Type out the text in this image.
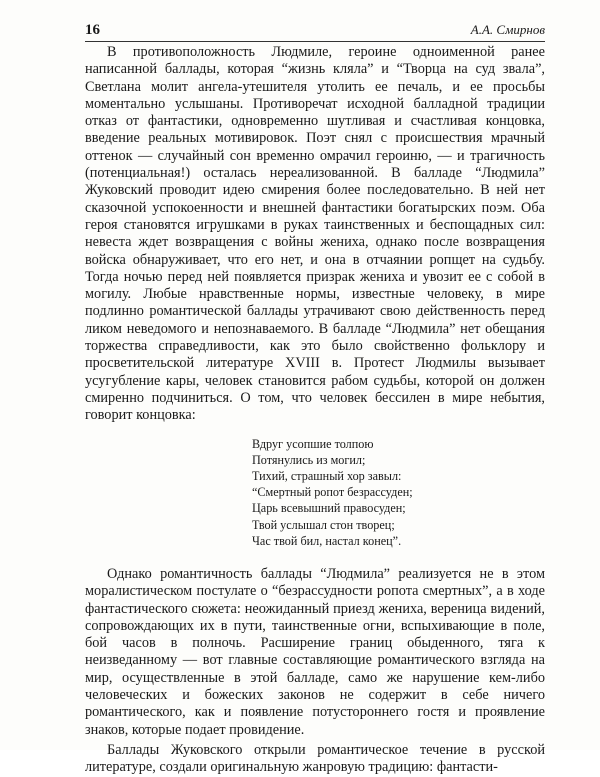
16	А.А. Смирнов

В противоположность Людмиле, героине одноименной ранее написанной баллады, которая “жизнь кляла” и “Творца на суд звала”, Светлана молит ангела-утешителя утолить ее печаль, и ее просьбы моментально услышаны. Противоречат исходной балладной традиции отказ от фантастики, одновременно шутливая и счастливая концовка, введение реальных мотивировок. Поэт снял с происшествия мрачный оттенок — случайный сон временно омрачил героиню, — и трагичность (потенциальная!) осталась нереализованной. В балладе “Людмила” Жуковский проводит идею смирения более последовательно. В ней нет сказочной успокоенности и внешней фантастики богатырских поэм. Оба героя становятся игрушками в руках таинственных и беспощадных сил: невеста ждет возвращения с войны жениха, однако после возвращения войска обнаруживает, что его нет, и она в отчаянии ропщет на судьбу. Тогда ночью перед ней появляется призрак жениха и увозит ее с собой в могилу. Любые нравственные нормы, известные человеку, в мире подлинно романтической баллады утрачивают свою действенность перед ликом неведомого и непознаваемого. В балладе “Людмила” нет обещания торжества справедливости, как это было свойственно фольклору и просветительской литературе XVIII в. Протест Людмилы вызывает усугубление кары, человек становится рабом судьбы, которой он должен смиренно подчиниться. О том, что человек бессилен в мире небытия, говорит концовка:

Вдруг усопшие толпою
Потянулись из могил;
Тихий, страшный хор завыл:
“Смертный ропот безрассуден;
Царь всевышний правосуден;
Твой услышал стон творец;
Час твой бил, настал конец”.

Однако романтичность баллады “Людмила” реализуется не в этом моралистическом постулате о “безрассудности ропота смертных”, а в ходе фантастического сюжета: неожиданный приезд жениха, вереница видений, сопровождающих их в пути, таинственные огни, вспыхивающие в поле, бой часов в полночь. Расширение границ обыденного, тяга к неизведанному — вот главные составляющие романтического взгляда на мир, осуществленные в этой балладе, само же нарушение кем-либо человеческих и божеских законов не содержит в себе ничего романтического, как и появление потустороннего гостя и проявление знаков, которые подает провидение.

Баллады Жуковского открыли романтическое течение в русской литературе, создали оригинальную жанровую традицию: фантасти-
